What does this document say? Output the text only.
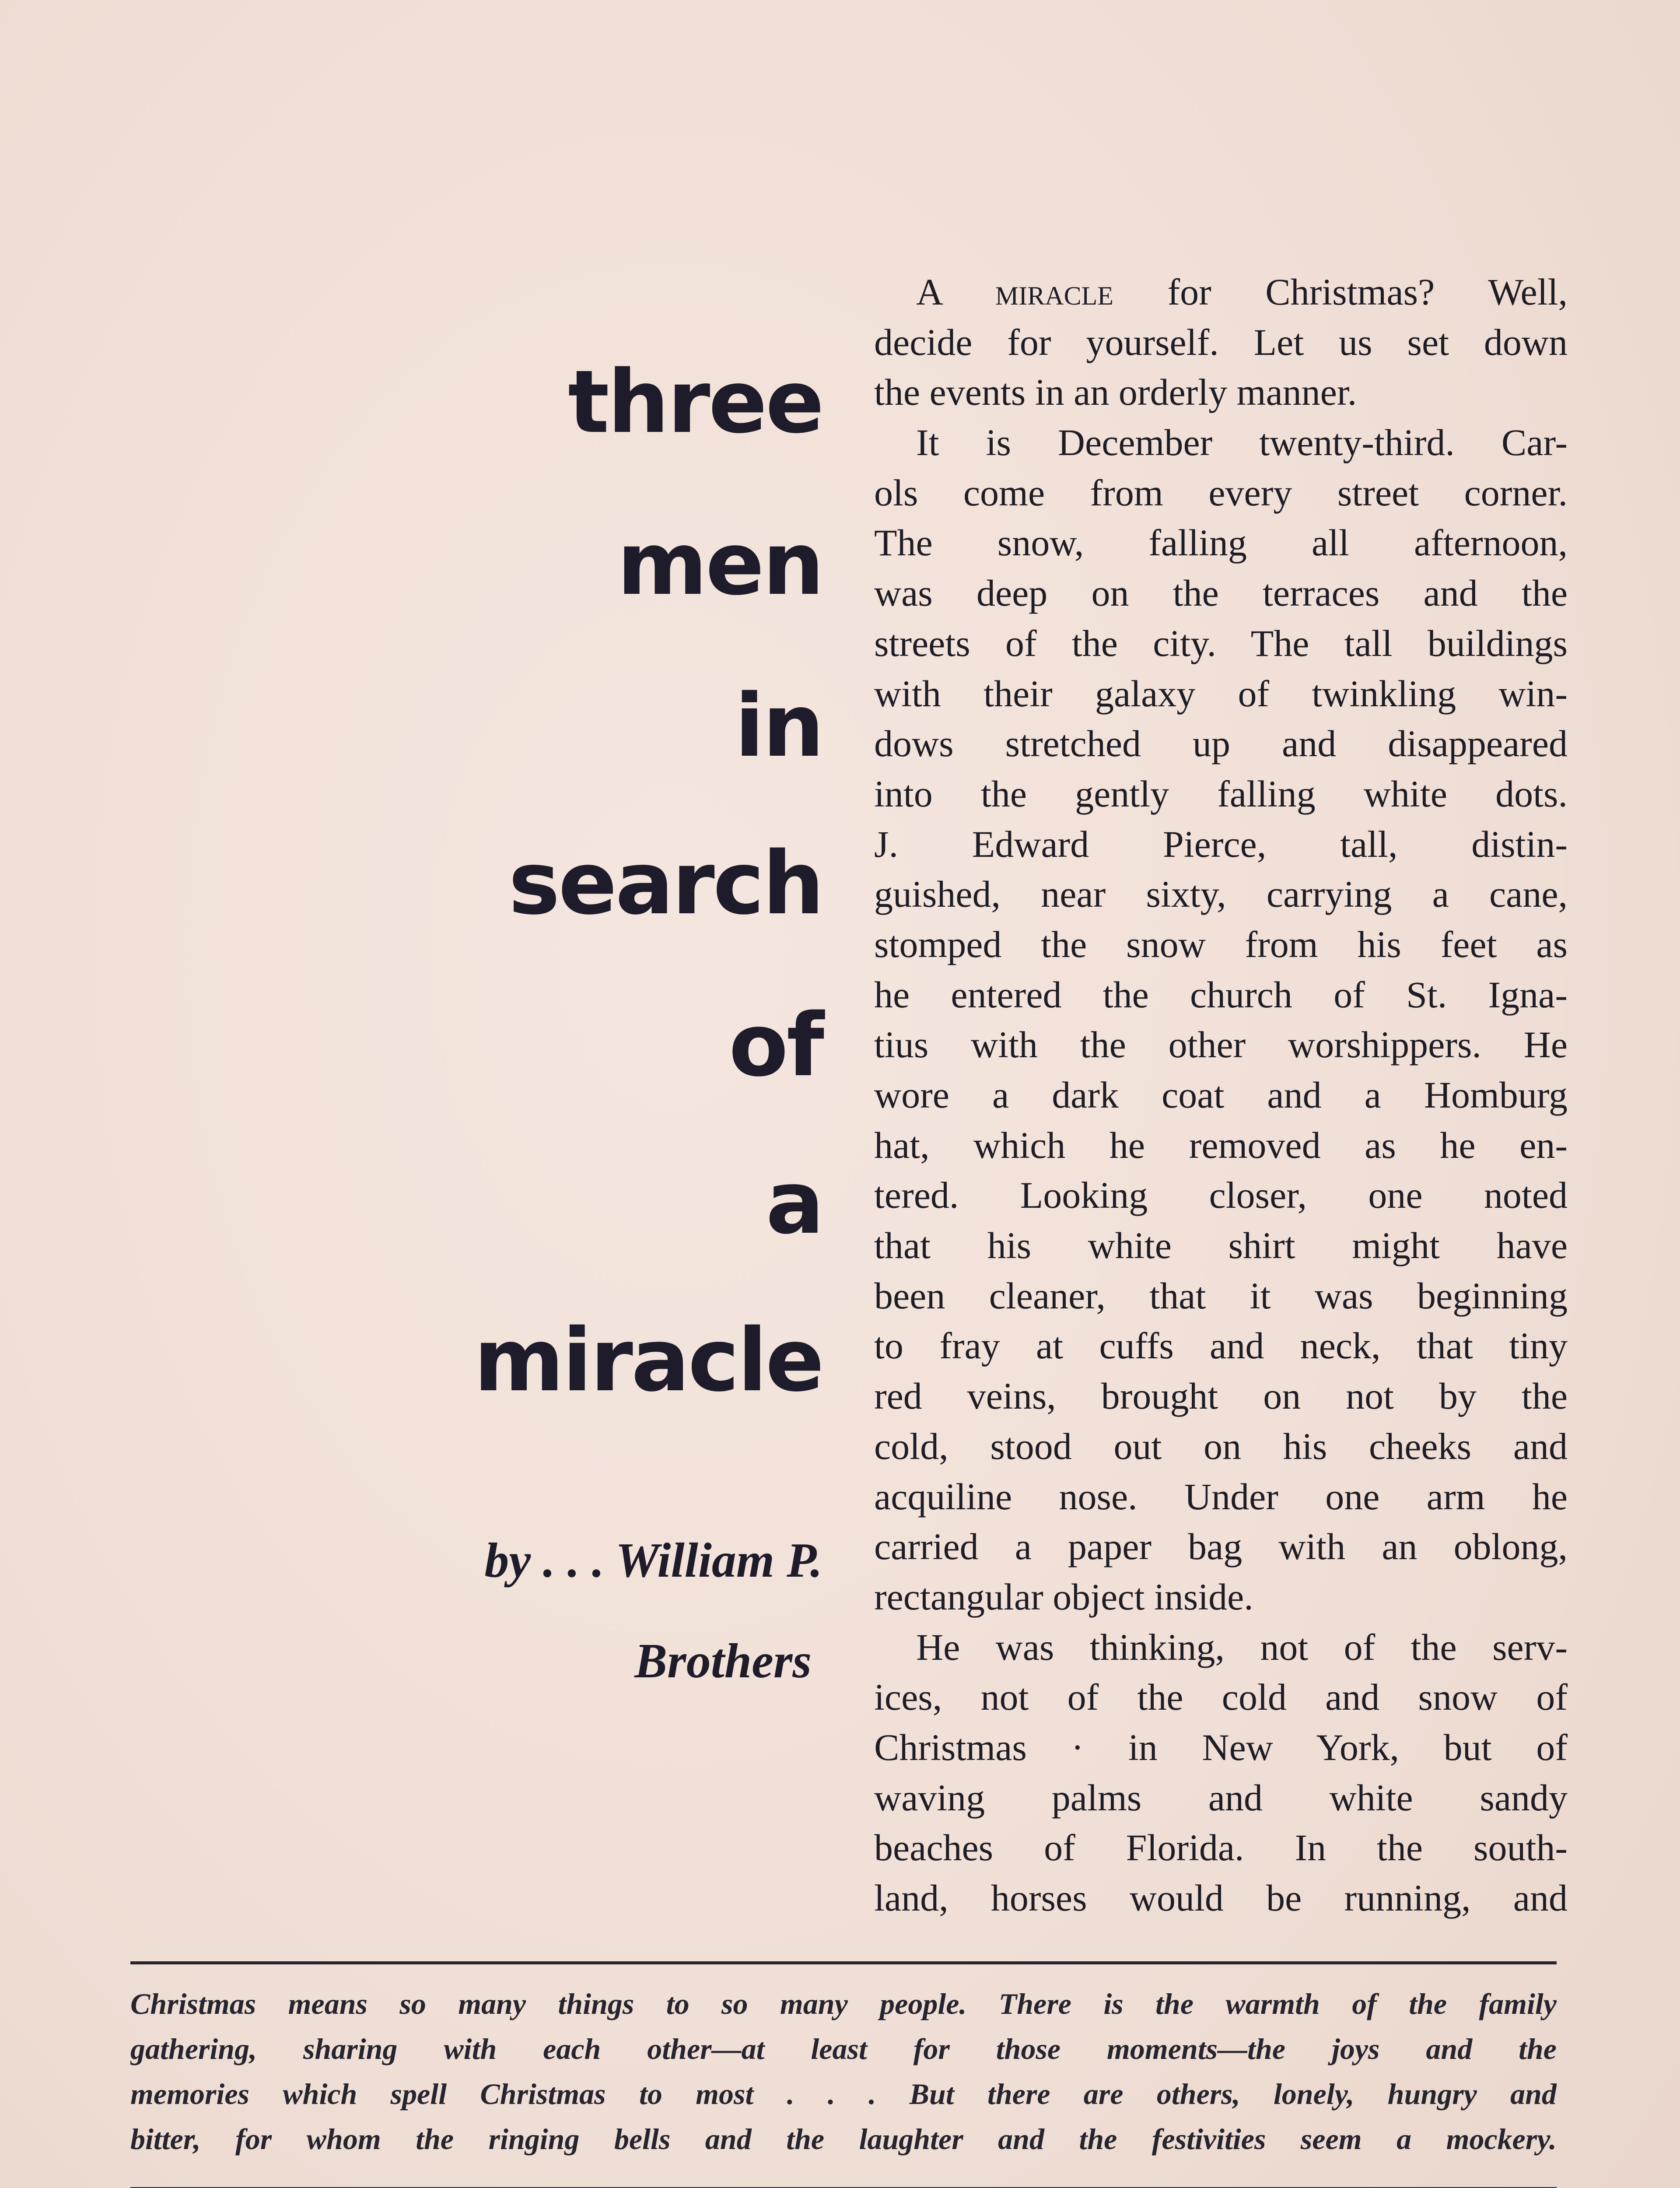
three
men
in
search
of
a
miracle
by . . . William P.
Brothers
A miracle for Christmas? Well,
decide for yourself. Let us set down
the events in an orderly manner.
It is December twenty-third. Car-
ols come from every street corner.
The snow, falling all afternoon,
was deep on the terraces and the
streets of the city. The tall buildings
with their galaxy of twinkling win-
dows stretched up and disappeared
into the gently falling white dots.
J. Edward Pierce, tall, distin-
guished, near sixty, carrying a cane,
stomped the snow from his feet as
he entered the church of St. Igna-
tius with the other worshippers. He
wore a dark coat and a Homburg
hat, which he removed as he en-
tered. Looking closer, one noted
that his white shirt might have
been cleaner, that it was beginning
to fray at cuffs and neck, that tiny
red veins, brought on not by the
cold, stood out on his cheeks and
acquiline nose. Under one arm he
carried a paper bag with an oblong,
rectangular object inside.
He was thinking, not of the serv-
ices, not of the cold and snow of
Christmas · in New York, but of
waving palms and white sandy
beaches of Florida. In the south-
land, horses would be running, and
Christmas means so many things to so many people. There is the warmth of the family
gathering, sharing with each other—at least for those moments—the joys and the
memories which spell Christmas to most . . . But there are others, lonely, hungry and
bitter, for whom the ringing bells and the laughter and the festivities seem a mockery.
